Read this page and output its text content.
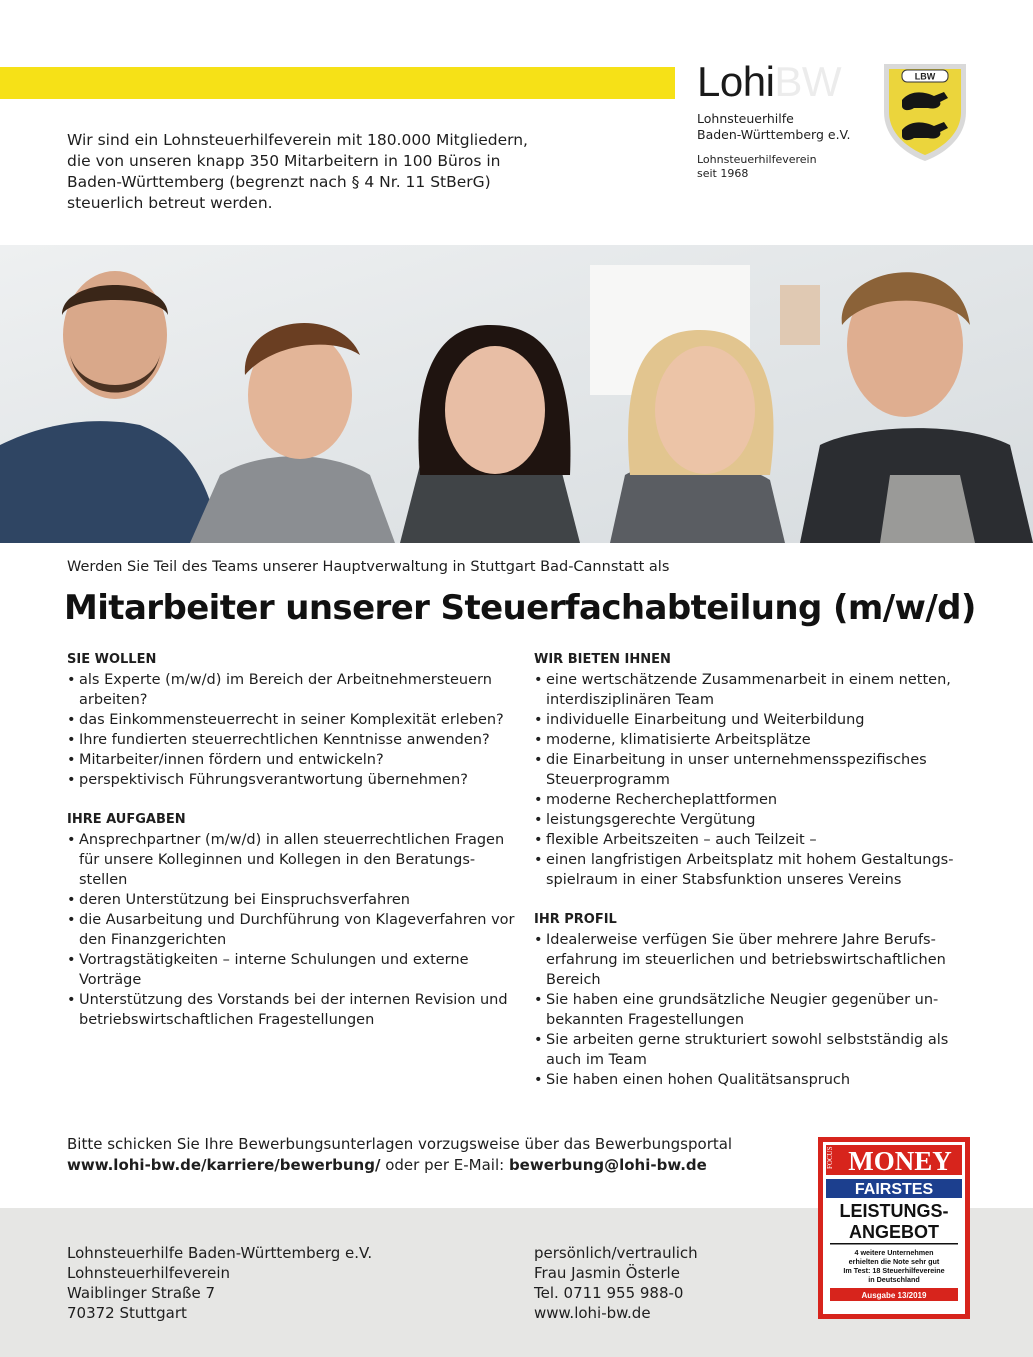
Wir sind ein Lohnsteuerhilfeverein mit 180.000 Mitgliedern, die von unseren knapp 350 Mitarbeitern in 100 Büros in Baden-Württemberg (begrenzt nach § 4 Nr. 11 StBerG) steuerlich betreut werden.
LohiBW
Lohnsteuerhilfe
Baden-Württemberg e.V.
Lohnsteuerhilfeverein
seit 1968
LBW
Werden Sie Teil des Teams unserer Hauptverwaltung in Stuttgart Bad-Cannstatt als
Mitarbeiter unserer Steuerfachabteilung (m/w/d)
SIE WOLLEN
• als Experte (m/w/d) im Bereich der Arbeitnehmersteuern arbeiten?
• das Einkommensteuerrecht in seiner Komplexität erleben?
• Ihre fundierten steuerrechtlichen Kenntnisse anwenden?
• Mitarbeiter/innen fördern und entwickeln?
• perspektivisch Führungsverantwortung übernehmen?
IHRE AUFGABEN
• Ansprechpartner (m/w/d) in allen steuerrechtlichen Fragen für unsere Kolleginnen und Kollegen in den Beratungs-stellen
• deren Unterstützung bei Einspruchsverfahren
• die Ausarbeitung und Durchführung von Klageverfahren vor den Finanzgerichten
• Vortragstätigkeiten – interne Schulungen und externe Vorträge
• Unterstützung des Vorstands bei der internen Revision und betriebswirtschaftlichen Fragestellungen
WIR BIETEN IHNEN
• eine wertschätzende Zusammenarbeit in einem netten, interdisziplinären Team
• individuelle Einarbeitung und Weiterbildung
• moderne, klimatisierte Arbeitsplätze
• die Einarbeitung in unser unternehmensspezifisches Steuerprogramm
• moderne Rechercheplattformen
• leistungsgerechte Vergütung
• flexible Arbeitszeiten – auch Teilzeit –
• einen langfristigen Arbeitsplatz mit hohem Gestaltungs-spielraum in einer Stabsfunktion unseres Vereins
IHR PROFIL
• Idealerweise verfügen Sie über mehrere Jahre Berufs-erfahrung im steuerlichen und betriebswirtschaftlichen Bereich
• Sie haben eine grundsätzliche Neugier gegenüber un-bekannten Fragestellungen
• Sie arbeiten gerne strukturiert sowohl selbstständig als auch im Team
• Sie haben einen hohen Qualitätsanspruch
Bitte schicken Sie Ihre Bewerbungsunterlagen vorzugsweise über das Bewerbungsportal
www.lohi-bw.de/karriere/bewerbung/ oder per E-Mail: bewerbung@lohi-bw.de
Lohnsteuerhilfe Baden-Württemberg e.V.
Lohnsteuerhilfeverein
Waiblinger Straße 7
70372 Stuttgart
persönlich/vertraulich
Frau Jasmin Österle
Tel. 0711 955 988-0
www.lohi-bw.de
FOCUS MONEY
FAIRSTES
LEISTUNGS-
ANGEBOT
4 weitere Unternehmen
erhielten die Note sehr gut
Im Test: 18 Steuerhilfevereine
in Deutschland
Ausgabe 13/2019
